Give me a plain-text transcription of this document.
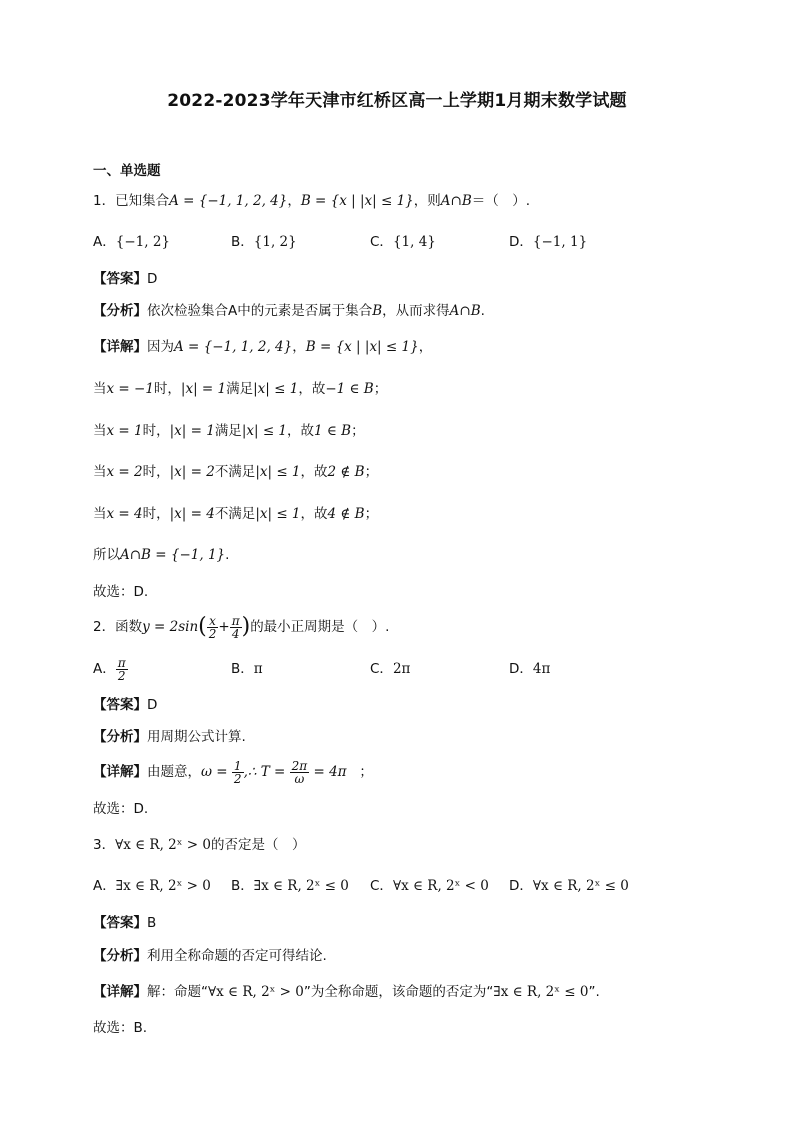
2022-2023学年天津市红桥区高一上学期1月期末数学试题
一、单选题
1．已知集合A = {−1, 1, 2, 4}，B = {x | |x| ≤ 1}，则A∩B＝（　）.
A．{−1, 2}	B．{1, 2}	C．{1, 4}	D．{−1, 1}
【答案】D
【分析】依次检验集合A中的元素是否属于集合B，从而求得A∩B.
【详解】因为A = {−1, 1, 2, 4}，B = {x | |x| ≤ 1}，
当x = −1时，|x| = 1满足|x| ≤ 1，故−1 ∈ B；
当x = 1时，|x| = 1满足|x| ≤ 1，故1 ∈ B；
当x = 2时，|x| = 2不满足|x| ≤ 1，故2 ∉ B；
当x = 4时，|x| = 4不满足|x| ≤ 1，故4 ∉ B；
所以A∩B = {−1, 1}.
故选：D.
2．函数$y = 2\sin( \frac{x}{2} + \frac{\pi}{4}$ )的最小正周期是（　）.
A． $\frac{\pi}{2}$	B．π	C．2π	D．4π
【答案】D
【分析】用周期公式计算.
【详解】由题意，$\omega = \frac{1}{2}$ ,∴ $T = \frac{2\pi}{\omega} = 4\pi$ ；
故选：D.
3．∀x ∈ R, 2ˣ > 0的否定是（　）
A．∃x ∈ R, 2ˣ > 0 B．∃x ∈ R, 2ˣ ≤ 0 C．∀x ∈ R, 2ˣ < 0 D．∀x ∈ R, 2ˣ ≤ 0
【答案】B
【分析】利用全称命题的否定可得结论.
【详解】解：命题“∀x ∈ R, 2ˣ > 0”为全称命题，该命题的否定为“∃x ∈ R, 2ˣ ≤ 0”.
故选：B.
